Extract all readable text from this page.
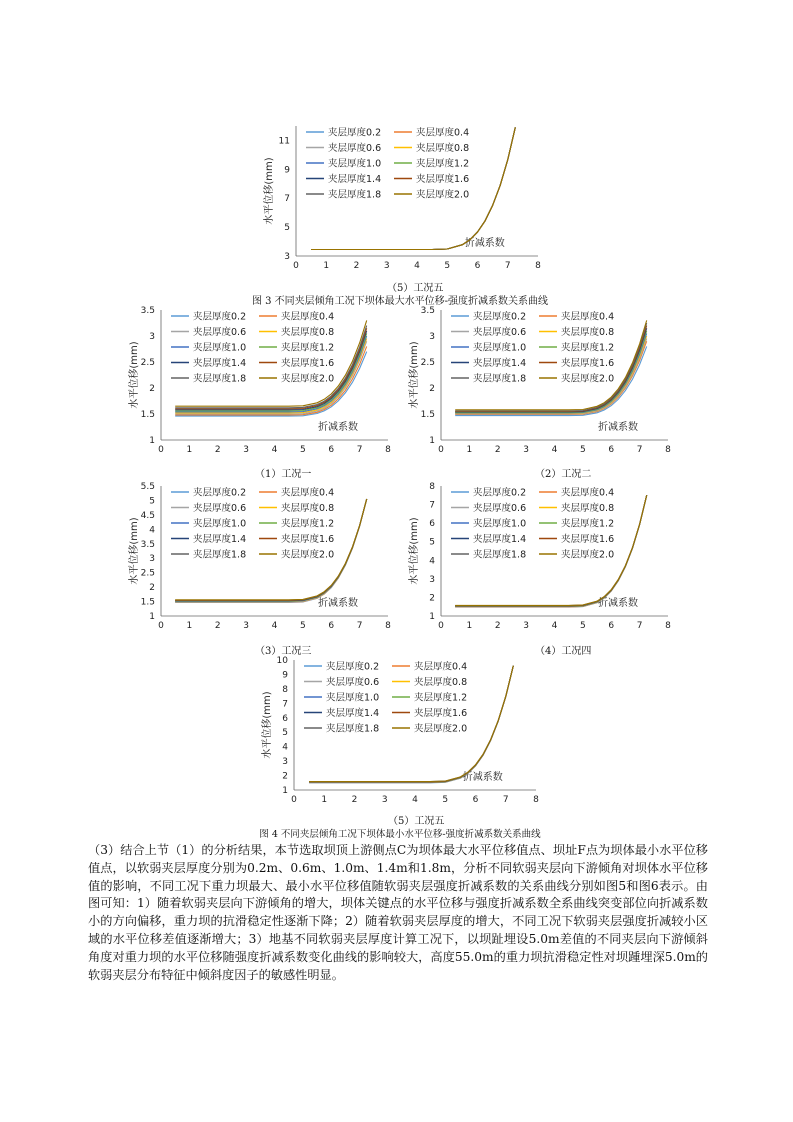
0	1	2	3	4	5	6	7	8
3
5
7
9
11
水平位移(mm)
折减系数
夹层厚度0.2	夹层厚度0.4
夹层厚度0.6	夹层厚度0.8
夹层厚度1.0	夹层厚度1.2
夹层厚度1.4	夹层厚度1.6
夹层厚度1.8	夹层厚度2.0
（5）工况五
图 3 不同夹层倾角工况下坝体最大水平位移-强度折减系数关系曲线
0	1	2	3	4	5	6	7	8
1
1.5
2
2.5
3
3.5
水平位移(mm)
折减系数
夹层厚度0.2	夹层厚度0.4
夹层厚度0.6	夹层厚度0.8
夹层厚度1.0	夹层厚度1.2
夹层厚度1.4	夹层厚度1.6
夹层厚度1.8	夹层厚度2.0
（1）工况一
0	1	2	3	4	5	6	7	8
1
1.5
2
2.5
3
3.5
水平位移(mm)
折减系数
夹层厚度0.2	夹层厚度0.4
夹层厚度0.6	夹层厚度0.8
夹层厚度1.0	夹层厚度1.2
夹层厚度1.4	夹层厚度1.6
夹层厚度1.8	夹层厚度2.0
（2）工况二
0	1	2	3	4	5	6	7	8
1
1.5
2
2.5
3
3.5
4
4.5
5
5.5
水平位移(mm)
折减系数
夹层厚度0.2	夹层厚度0.4
夹层厚度0.6	夹层厚度0.8
夹层厚度1.0	夹层厚度1.2
夹层厚度1.4	夹层厚度1.6
夹层厚度1.8	夹层厚度2.0
（3）工况三
0	1	2	3	4	5	6	7	8
1
2
3
4
5
6
7
8
水平位移(mm)
折减系数
夹层厚度0.2	夹层厚度0.4
夹层厚度0.6	夹层厚度0.8
夹层厚度1.0	夹层厚度1.2
夹层厚度1.4	夹层厚度1.6
夹层厚度1.8	夹层厚度2.0
（4）工况四
0	1	2	3	4	5	6	7	8
1
2
3
4
5
6
7
8
9
10
水平位移(mm)
折减系数
夹层厚度0.2	夹层厚度0.4
夹层厚度0.6	夹层厚度0.8
夹层厚度1.0	夹层厚度1.2
夹层厚度1.4	夹层厚度1.6
夹层厚度1.8	夹层厚度2.0
（5）工况五
图 4 不同夹层倾角工况下坝体最小水平位移-强度折减系数关系曲线
（3）结合上节（1）的分析结果，本节选取坝顶上游侧点C为坝体最大水平位移值点、坝址F点为坝体最小水平位移值点，以软弱夹层厚度分别为0.2m、0.6m、1.0m、1.4m和1.8m，分析不同软弱夹层向下游倾角对坝体水平位移值的影响，不同工况下重力坝最大、最小水平位移值随软弱夹层强度折减系数的关系曲线分别如图5和图6表示。由图可知：1）随着软弱夹层向下游倾角的增大，坝体关键点的水平位移与强度折减系数全系曲线突变部位向折减系数小的方向偏移，重力坝的抗滑稳定性逐渐下降；2）随着软弱夹层厚度的增大，不同工况下软弱夹层强度折减较小区域的水平位移差值逐渐增大；3）地基不同软弱夹层厚度计算工况下，以坝趾埋设5.0m差值的不同夹层向下游倾斜角度对重力坝的水平位移随强度折减系数变化曲线的影响较大，高度55.0m的重力坝抗滑稳定性对坝踵埋深5.0m的软弱夹层分布特征中倾斜度因子的敏感性明显。
